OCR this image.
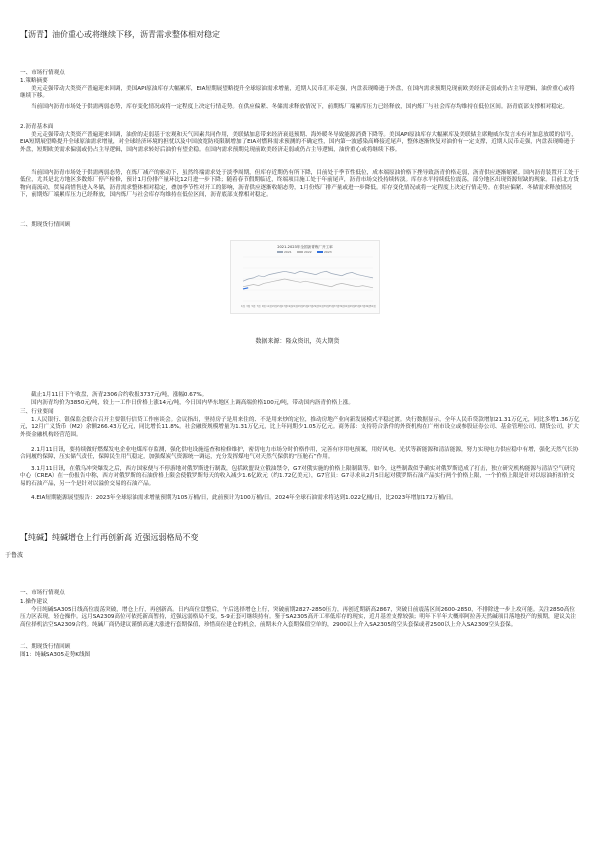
【沥青】油价重心或将继续下移，沥青需求整体相对稳定

一、市场行情观点

1.策略摘要

美元走强带动大类资产普遍迎来回调，美国API原油库存大幅累库，EIA短期展望略提升全球原油需求增量，近期人民币汇率走强，内盘表现略逊于外盘，在国内需求预期兑现前欧美经济走弱或仍占主导逻辑，油价重心或将继续下移。

当前国内沥青市场处于供需两弱态势，库存变化情况或将一定程度上决定行情走势。在供应偏紧、冬储需求释放情况下，前期炼厂端累库压力已经释放，国内炼厂与社会库存均维持在低位区间。沥青底部支撑相对稳定。

2.沥青基本面

美元走强带动大类资产普遍迎来回调，油价的走弱基于宏观和天气因素共同作用，美联储加息带来经济衰退预期、海外暖冬导致能源消费下降等。美国API原油库存大幅累库及美联储主席鲍威尔发言未有对加息放缓的信号，EIA短期展望略提升全球原油需求增量，对全球经济环境的担忧以及中国放宽防疫限制增加了EIA对燃料需求预测的不确定性，国内第一波感染高峰接近尾声，整体逐渐恢复对油价有一定支撑，近期人民币走强，内盘表现略逊于外盘，短期欧美需求偏弱或仍占主导逻辑，国内需求转好后油价有望企稳。在国内需求预期兑现前欧美经济走弱或仍占主导逻辑，油价重心或将继续下移。

当前国内沥青市场处于供需两弱态势，在炼厂减产的驱动下，虽然终端需求处于淡季周期，但库存近期仍有所下降，目前处于季节性低位，成本端原油价格下挫导致沥青价格走弱，沥青供应逐渐缩紧。国内沥青装置开工处于低位，尤其是北方地区多数炼厂停产检修，预计1月份排产量环比12月进一步下降；随着春节假期临近，终端项目施工处于年前尾声，沥青市场交投持续转淡。库存水平持续低位震荡，部分地区出现资源短缺的现象。目前北方货物向南流动，贸易商惜售进入冬储，沥青需求整体相对稳定，叠加季节性对开工的影响，沥青供应逐渐收缩态势，1月份炼厂排产量或进一步降低。库存变化情况或将一定程度上决定行情走势。在供应偏紧、冬储需求释放情况下，前期炼厂端累库压力已经释放，国内炼厂与社会库存均维持在低位区间，沥青底部支撑相对稳定。

二、期现货行情回顾

2021-2023年全国沥青炼厂开工率
2021	2022	2023
1周 3周 5周 7周 9周 11周 13周 15周 17周 19周 21周 23周 25周 27周 29周 31周 33周 35周 37周 39周 41周 43周 45周 47周 49周 51周
数据来源：隆众资讯，英大期货

截止1月11日下午收盘，沥青2306合约收报3737元/吨，涨幅0.67%。

国内沥青均价为3850元/吨，较上一工作日价格上涨14元/吨，今日国内华东地区上调高端价格100元/吨，带动国内沥青价格上涨。

三、行业要闻

1.人民银行、银保监会联合召开主要银行信贷工作座谈会。会议指出，坚持房子是用来住的、不是用来炒的定位，推动房地产业向新发展模式平稳过渡。央行数据显示，全年人民币贷款增加21.31万亿元，同比多增1.36万亿元，12月广义货币（M2）余额266.43万亿元，同比增长11.8%。社会融资规模增量为1.31万亿元，比上年同期少1.05万亿元。商务部：支持符合条件的外资机构在广州市设立或参股证券公司、基金管理公司、期货公司，扩大外资金融机构经营范围。

2.1月11日讯，要持续做好燃煤发电企业电煤库存监测，强化供电设施巡查和检修维护，密切电力市场分时价格作用，完善有序用电预案，用好风电、光伏等新能源和清洁能源，努力实现电力供应稳中有增，强化天然气长协合同履约保障，压实储气责任，保障民生用气稳定，加强煤炭气资源统一调运，充分发挥煤电气对天然气保供的“压舱石”作用。

3.1月11日讯，在俄乌冲突爆发之后，西方国家便与不停游地对俄罗斯进行制裁，包括欧盟设立俄油禁令，G7对俄实施的价格上限制裁等。如今，这些制裁似乎确实对俄罗斯造成了打击，独立研究机构能源与清洁空气研究中心（CREA）在一份报告中称，西方对俄罗斯的石油价格上限会使俄罗斯每天的收入减少1.6亿欧元（约1.72亿美元），G7官员：G7寻求从2月5日起对俄罗斯石油产品实行两个价格上限，一个价格上限是针对以原油折扣价交易的石油产品，另一个是针对以溢价交易的石油产品。

4.EIA短期能源展望报告：2023年全球原油需求增量预期为105万桶/日，此前预计为100万桶/日。2024年全球石油需求将达到1.022亿桶/日，比2023年增加172万桶/日。

【纯碱】纯碱增仓上行再创新高 近强远弱格局不变
于鲁波

一、市场行情观点

1.操作建议

今日纯碱SA305日线高位震荡突破，增仓上行，再创新高。日内高位盘整后，午后选择增仓上行，突破前期2827-2850压力，再创近期新高2867，突破日前震荡区间2600-2850，不排除进一步上攻可能。关注2850高位压力区表现，轻仓操作。远月SA2309高位可依托新高暂持，近强远弱格局不变，5-9正套可继续持有。鉴于SA2305高开工率低库存的现实，近月基差支撑较强；明年下半年大概率阿拉善天然碱项目落地投产的预期，建议关注高位择机沽空SA2309合约。纯碱厂商仍建议谨慎高速大涨进行套期保值，珍惜高位建仓的机会，前期未介入套期保值空单的，2900以上介入SA2305的空头套保或者2500以上介入SA2309空头套保。

二、期现货行情回顾

图1：纯碱SA305走势K线图
